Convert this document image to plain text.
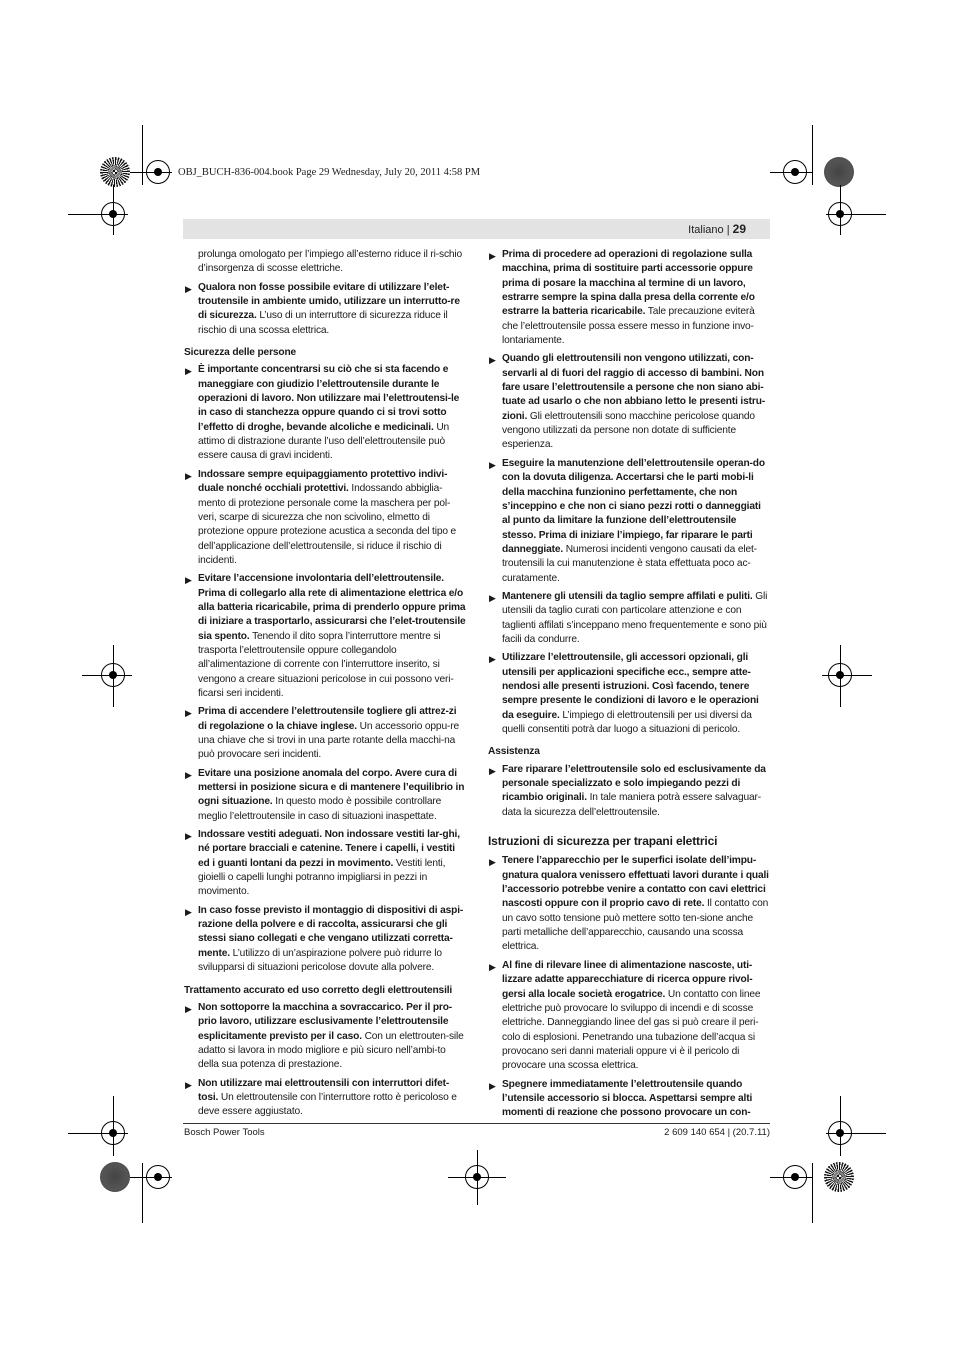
OBJ_BUCH-836-004.book Page 29 Wednesday, July 20, 2011 4:58 PM
Italiano | 29

prolunga omologato per l’impiego all’esterno riduce il ri-schio d’insorgenza di scosse elettriche.

▶ Qualora non fosse possibile evitare di utilizzare l’elet-troutensile in ambiente umido, utilizzare un interrutto-re di sicurezza. L’uso di un interruttore di sicurezza riduce il rischio di una scossa elettrica.
Sicurezza delle persone
▶ È importante concentrarsi su ciò che si sta facendo e maneggiare con giudizio l’elettroutensile durante le operazioni di lavoro. Non utilizzare mai l’elettroutensi-le in caso di stanchezza oppure quando ci si trovi sotto l’effetto di droghe, bevande alcoliche e medicinali. Un attimo di distrazione durante l’uso dell’elettroutensile può essere causa di gravi incidenti.
▶ Indossare sempre equipaggiamento protettivo indivi-duale nonché occhiali protettivi. Indossando abbiglia-mento di protezione personale come la maschera per pol-veri, scarpe di sicurezza che non scivolino, elmetto di protezione oppure protezione acustica a seconda del tipo e dell’applicazione dell’elettroutensile, si riduce il rischio di incidenti.
▶ Evitare l’accensione involontaria dell’elettroutensile. Prima di collegarlo alla rete di alimentazione elettrica e/o alla batteria ricaricabile, prima di prenderlo oppure prima di iniziare a trasportarlo, assicurarsi che l’elet-troutensile sia spento. Tenendo il dito sopra l’interruttore mentre si trasporta l’elettroutensile oppure collegandolo all’alimentazione di corrente con l’interruttore inserito, si vengono a creare situazioni pericolose in cui possono veri-ficarsi seri incidenti.
▶ Prima di accendere l’elettroutensile togliere gli attrez-zi di regolazione o la chiave inglese. Un accessorio oppu-re una chiave che si trovi in una parte rotante della macchi-na può provocare seri incidenti.
▶ Evitare una posizione anomala del corpo. Avere cura di mettersi in posizione sicura e di mantenere l’equilibrio in ogni situazione. In questo modo è possibile controllare meglio l’elettroutensile in caso di situazioni inaspettate.
▶ Indossare vestiti adeguati. Non indossare vestiti lar-ghi, né portare bracciali e catenine. Tenere i capelli, i vestiti ed i guanti lontani da pezzi in movimento. Vestiti lenti, gioielli o capelli lunghi potranno impigliarsi in pezzi in movimento.
▶ In caso fosse previsto il montaggio di dispositivi di aspi-razione della polvere e di raccolta, assicurarsi che gli stessi siano collegati e che vengano utilizzati corretta-mente. L’utilizzo di un’aspirazione polvere può ridurre lo svilupparsi di situazioni pericolose dovute alla polvere.
Trattamento accurato ed uso corretto degli elettroutensili
▶ Non sottoporre la macchina a sovraccarico. Per il pro-prio lavoro, utilizzare esclusivamente l’elettroutensile esplicitamente previsto per il caso. Con un elettrouten-sile adatto si lavora in modo migliore e più sicuro nell’ambi-to della sua potenza di prestazione.
▶ Non utilizzare mai elettroutensili con interruttori difet-tosi. Un elettroutensile con l’interruttore rotto è pericoloso e deve essere aggiustato.
▶ Prima di procedere ad operazioni di regolazione sulla macchina, prima di sostituire parti accessorie oppure prima di posare la macchina al termine di un lavoro, estrarre sempre la spina dalla presa della corrente e/o estrarre la batteria ricaricabile. Tale precauzione eviterà che l’elettroutensile possa essere messo in funzione invo-lontariamente.
▶ Quando gli elettroutensili non vengono utilizzati, con-servarli al di fuori del raggio di accesso di bambini. Non fare usare l’elettroutensile a persone che non siano abi-tuate ad usarlo o che non abbiano letto le presenti istru-zioni. Gli elettroutensili sono macchine pericolose quando vengono utilizzati da persone non dotate di sufficiente esperienza.
▶ Eseguire la manutenzione dell’elettroutensile operan-do con la dovuta diligenza. Accertarsi che le parti mobi-li della macchina funzionino perfettamente, che non s’inceppino e che non ci siano pezzi rotti o danneggiati al punto da limitare la funzione dell’elettroutensile stesso. Prima di iniziare l’impiego, far riparare le parti danneggiate. Numerosi incidenti vengono causati da elet-troutensili la cui manutenzione è stata effettuata poco ac-curatamente.
▶ Mantenere gli utensili da taglio sempre affilati e puliti. Gli utensili da taglio curati con particolare attenzione e con taglienti affilati s’inceppano meno frequentemente e sono più facili da condurre.
▶ Utilizzare l’elettroutensile, gli accessori opzionali, gli utensili per applicazioni specifiche ecc., sempre atte-nendosi alle presenti istruzioni. Così facendo, tenere sempre presente le condizioni di lavoro e le operazioni da eseguire. L’impiego di elettroutensili per usi diversi da quelli consentiti potrà dar luogo a situazioni di pericolo.
Assistenza
▶ Fare riparare l’elettroutensile solo ed esclusivamente da personale specializzato e solo impiegando pezzi di ricambio originali. In tale maniera potrà essere salvaguar-data la sicurezza dell’elettroutensile.
Istruzioni di sicurezza per trapani elettrici
▶ Tenere l’apparecchio per le superfici isolate dell’impu-gnatura qualora venissero effettuati lavori durante i quali l’accessorio potrebbe venire a contatto con cavi elettrici nascosti oppure con il proprio cavo di rete. Il contatto con un cavo sotto tensione può mettere sotto ten-sione anche parti metalliche dell’apparecchio, causando una scossa elettrica.
▶ Al fine di rilevare linee di alimentazione nascoste, uti-lizzare adatte apparecchiature di ricerca oppure rivol-gersi alla locale società erogatrice. Un contatto con linee elettriche può provocare lo sviluppo di incendi e di scosse elettriche. Danneggiando linee del gas si può creare il peri-colo di esplosioni. Penetrando una tubazione dell’acqua si provocano seri danni materiali oppure vi è il pericolo di provocare una scossa elettrica.
▶ Spegnere immediatamente l’elettroutensile quando l’utensile accessorio si blocca. Aspettarsi sempre alti momenti di reazione che possono provocare un con-
Bosch Power Tools	2 609 140 654 | (20.7.11)
